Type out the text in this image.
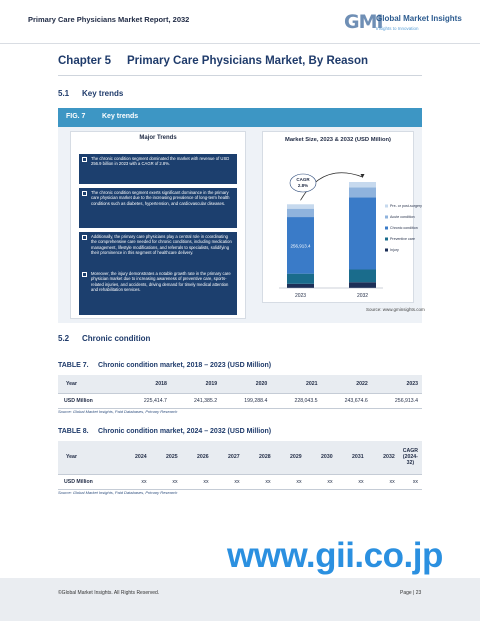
Primary Care Physicians Market Report, 2032	GMI
Global Market Insights
Insights to Innovation
Chapter 5     Primary Care Physicians Market, By Reason
5.1 Key trends
FIG. 7 Key trends
Major Trends
The chronic condition segment dominated the market with revenue of USD 256.9 billion in 2023 with a CAGR of 2.8%.
The chronic condition segment exerts significant dominance in the primary care physician market due to the increasing prevalence of long-term health conditions such as diabetes, hypertension, and cardiovascular diseases.
Additionally, the primary care physicians play a central role in coordinating the comprehensive care needed for chronic conditions, including medication management, lifestyle modifications, and referrals to specialists, solidifying their prominence in this segment of healthcare delivery.
Moreover, the injury demonstrates a notable growth rate in the primary care physician market due to increasing awareness of preventive care, sports-related injuries, and accidents, driving demand for timely medical attention and rehabilitation services.
Market Size, 2023 & 2032 (USD Million)
256,913.4
2023	2032
CAGR
2.8%
Pre- or post-surgery
Acute condition
Chronic condition
Preventive care
Injury
Source: www.gminsights.com
5.2 Chronic condition
TABLE 7. Chronic condition market, 2018 – 2023 (USD Million)
Year	2018	2019	2020	2021	2022	2023
USD Million	225,414.7	241,385.2	199,288.4	228,043.5	243,674.6	256,913.4
Source: Global Market Insights, Paid Databases, Primary Research
TABLE 8. Chronic condition market, 2024 – 2032 (USD Million)
Year	2024	2025	2026	2027	2028	2029	2030	2031	2032	CAGR (2024-32)
USD Million	xx	xx	xx	xx	xx	xx	xx	xx	xx	xx
Source: Global Market Insights, Paid Databases, Primary Research
www.gii.co.jp
©Global Market Insights. All Rights Reserved.	Page | 23
